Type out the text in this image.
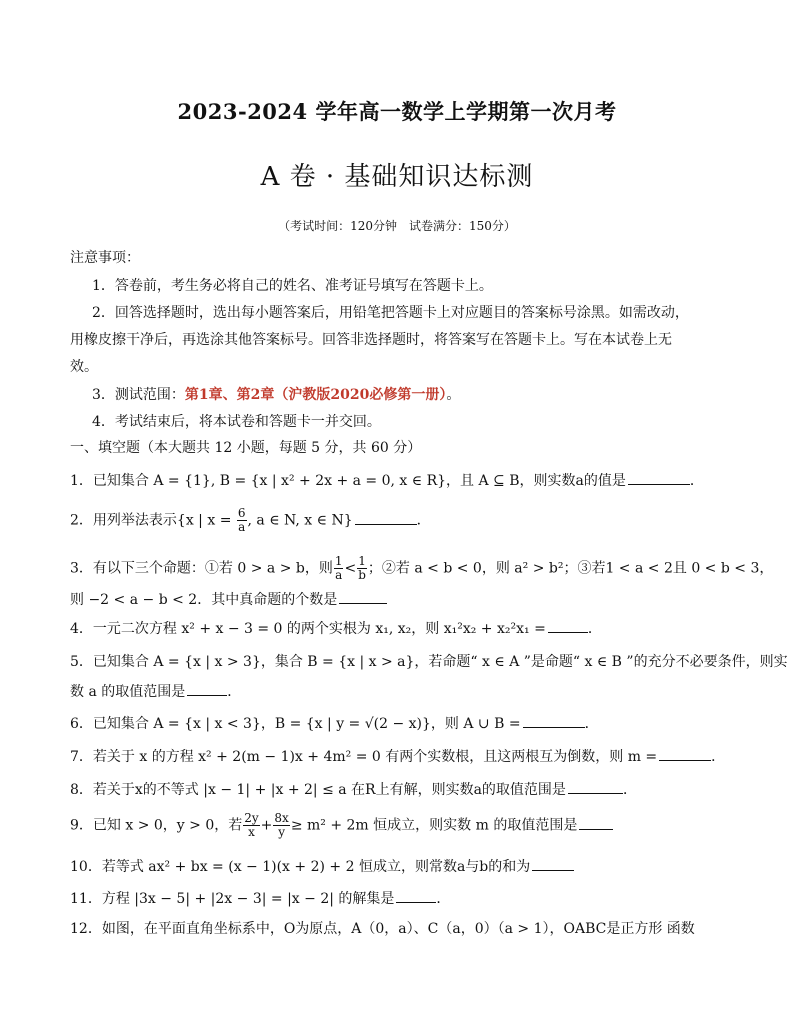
2023-2024 学年高一数学上学期第一次月考
A 卷 · 基础知识达标测
（考试时间：120分钟　试卷满分：150分）
注意事项：
1．答卷前，考生务必将自己的姓名、准考证号填写在答题卡上。
2．回答选择题时，选出每小题答案后，用铅笔把答题卡上对应题目的答案标号涂黑。如需改动，
用橡皮擦干净后，再选涂其他答案标号。回答非选择题时，将答案写在答题卡上。写在本试卷上无
效。
3．测试范围：第1章、第2章（沪教版2020必修第一册）。
4．考试结束后，将本试卷和答题卡一并交回。
一、填空题（本大题共 12 小题，每题 5 分，共 60 分）
1．已知集合 A = {1}, B = {x | x² + 2x + a = 0, x ∈ R}，且 A ⊆ B，则实数a的值是	．
2．用列举法表示{x | $x = \frac{6}{a}$ , a ∈ N, x ∈ N}	．
3．有以下三个命题：①若 0 > a > b，则 $\frac{1}{a} < \frac{1}{b}$ ；②若 a < b < 0，则 a² > b²；③若1 < a < 2且 0 < b < 3，
则 −2 < a − b < 2．其中真命题的个数是
4．一元二次方程 x² + x − 3 = 0 的两个实根为 x₁, x₂，则 x₁²x₂ + x₂²x₁ =	．
5．已知集合 A = {x | x > 3}，集合 B = {x | x > a}，若命题“ x ∈ A ”是命题“ x ∈ B ”的充分不必要条件，则实
数 a 的取值范围是	．
6．已知集合 A = {x | x < 3}，B = {x | y = √(2 − x)}，则 A ∪ B =	．
7．若关于 x 的方程 x² + 2(m − 1)x + 4m² = 0 有两个实数根，且这两根互为倒数，则 m =	．
8．若关于x的不等式 |x − 1| + |x + 2| ≤ a 在R上有解，则实数a的取值范围是	．
9．已知 x > 0，y > 0，若 $\frac{2y}{x} + \frac{8x}{y} \ge m^2 + 2m$ 恒成立，则实数 m 的取值范围是
10．若等式 ax² + bx = (x − 1)(x + 2) + 2 恒成立，则常数a与b的和为
11．方程 |3x − 5| + |2x − 3| = |x − 2| 的解集是	．
12．如图，在平面直角坐标系中，O为原点，A（0，a）、C（a，0）（a > 1），OABC是正方形 函数
